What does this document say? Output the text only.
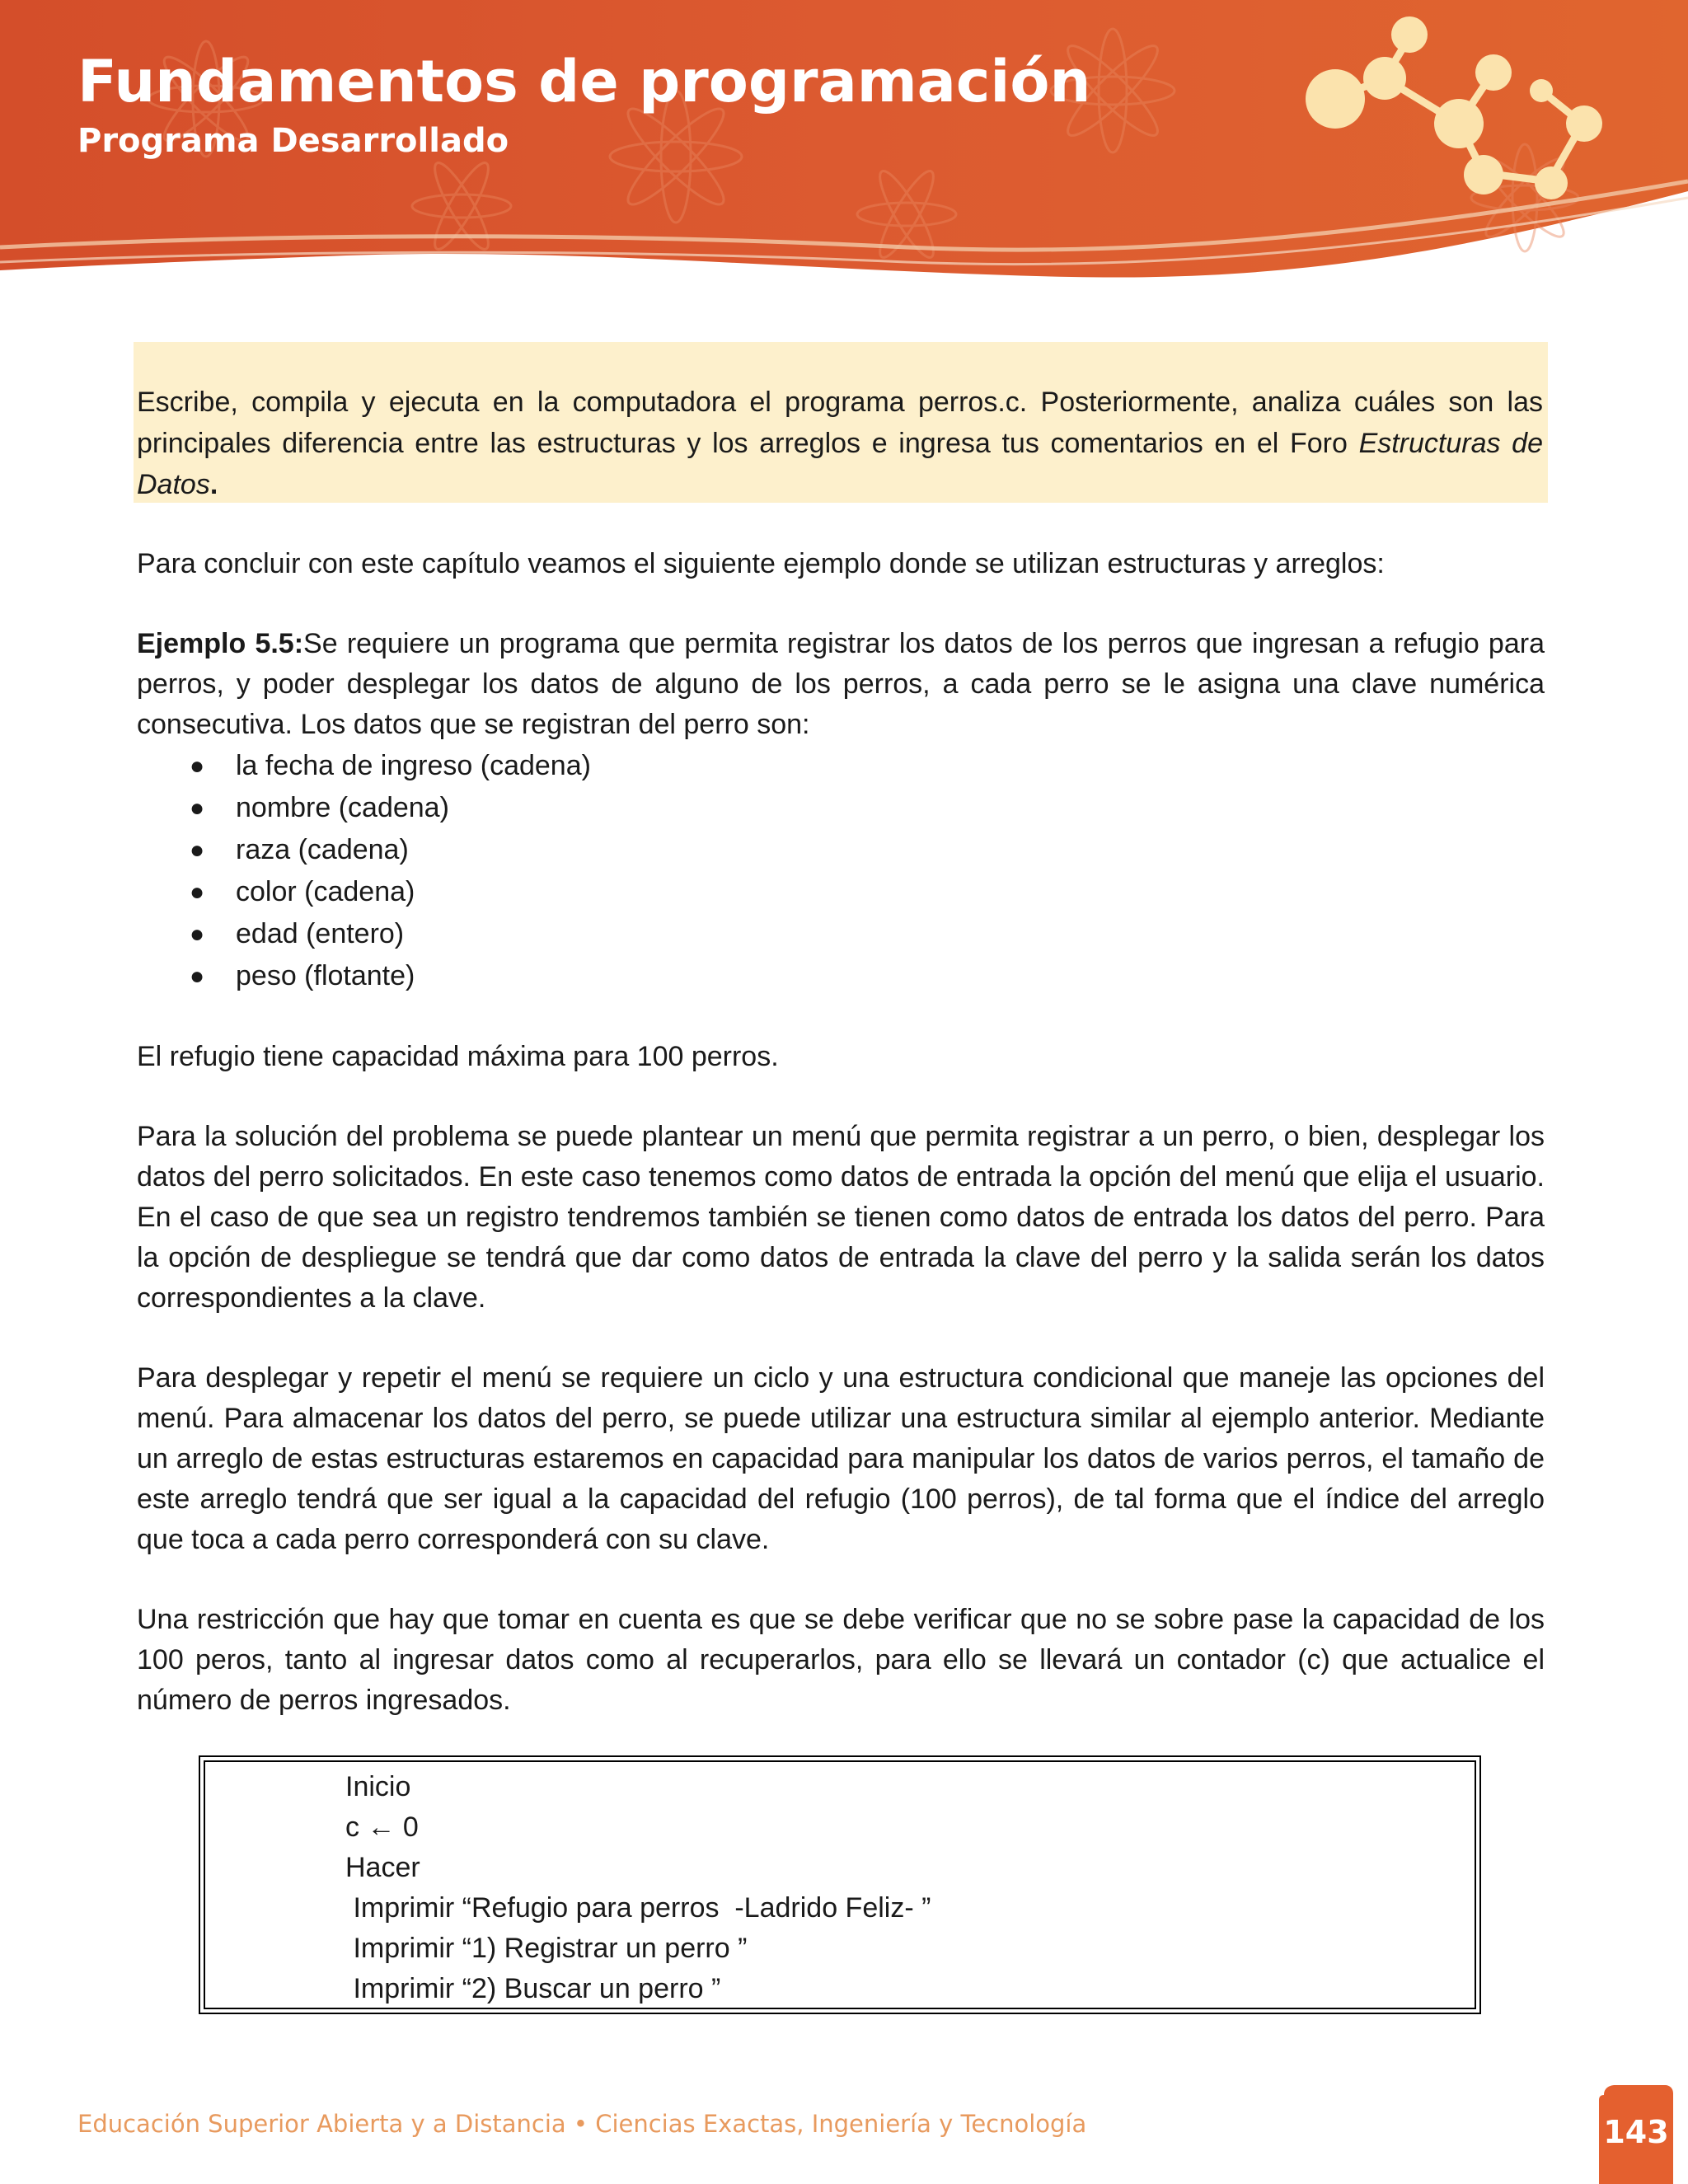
Fundamentos de programación
Programa Desarrollado

Escribe, compila y ejecuta en la computadora el programa perros.c. Posteriormente, analiza cuáles son las principales diferencia entre las estructuras y los arreglos e ingresa tus comentarios en el Foro Estructuras de Datos.

Para concluir con este capítulo veamos el siguiente ejemplo donde se utilizan estructuras y arreglos:

Ejemplo 5.5:Se requiere un programa que permita registrar los datos de los perros que ingresan a refugio para perros, y poder desplegar los datos de alguno de los perros, a cada perro se le asigna una clave numérica consecutiva. Los datos que se registran del perro son:

● la fecha de ingreso (cadena)
● nombre (cadena)
● raza (cadena)
● color (cadena)
● edad (entero)
● peso (flotante)

El refugio tiene capacidad máxima para 100 perros.

Para la solución del problema se puede plantear un menú que permita registrar a un perro, o bien, desplegar los datos del perro solicitados. En este caso tenemos como datos de entrada la opción del menú que elija el usuario. En el caso de que sea un registro tendremos también se tienen como datos de entrada los datos del perro. Para la opción de despliegue se tendrá que dar como datos de entrada la clave del perro y la salida serán los datos correspondientes a la clave.

Para desplegar y repetir el menú se requiere un ciclo y una estructura condicional que maneje las opciones del menú. Para almacenar los datos del perro, se puede utilizar una estructura similar al ejemplo anterior. Mediante un arreglo de estas estructuras estaremos en capacidad para manipular los datos de varios perros, el tamaño de este arreglo tendrá que ser igual a la capacidad del refugio (100 perros), de tal forma que el índice del arreglo que toca a cada perro corresponderá con su clave.

Una restricción que hay que tomar en cuenta es que se debe verificar que no se sobre pase la capacidad de los 100 peros, tanto al ingresar datos como al recuperarlos, para ello se llevará un contador (c) que actualice el número de perros ingresados.

Inicio
c ← 0
Hacer
Imprimir “Refugio para perros  -Ladrido Feliz- ”
Imprimir “1) Registrar un perro ”
Imprimir “2) Buscar un perro ”

Educación Superior Abierta y a Distancia • Ciencias Exactas, Ingeniería y Tecnología	143
